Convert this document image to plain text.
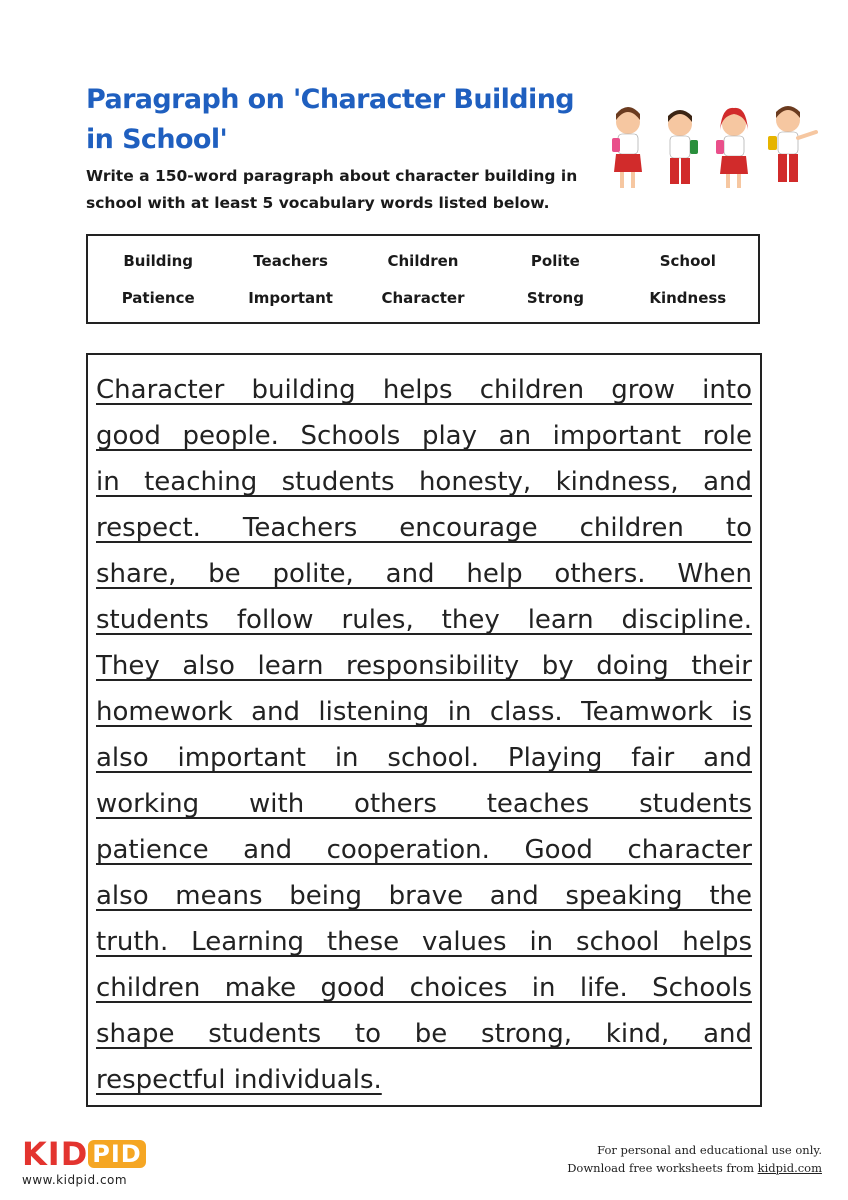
Paragraph on 'Character Building in School'

Write a 150-word paragraph about character building in school with at least 5 vocabulary words listed below.

Building	Teachers	Children	Polite	School
Patience	Important	Character	Strong	Kindness
Character building helps children grow into
good people. Schools play an important role
in teaching students honesty, kindness, and
respect. Teachers encourage children to
share, be polite, and help others. When
students follow rules, they learn discipline.
They also learn responsibility by doing their
homework and listening in class. Teamwork is
also important in school. Playing fair and
working with others teaches students
patience and cooperation. Good character
also means being brave and speaking the
truth. Learning these values in school helps
children make good choices in life. Schools
shape students to be strong, kind, and
respectful individuals.
KID PID
www.kidpid.com
For personal and educational use only.
Download free worksheets from kidpid.com
